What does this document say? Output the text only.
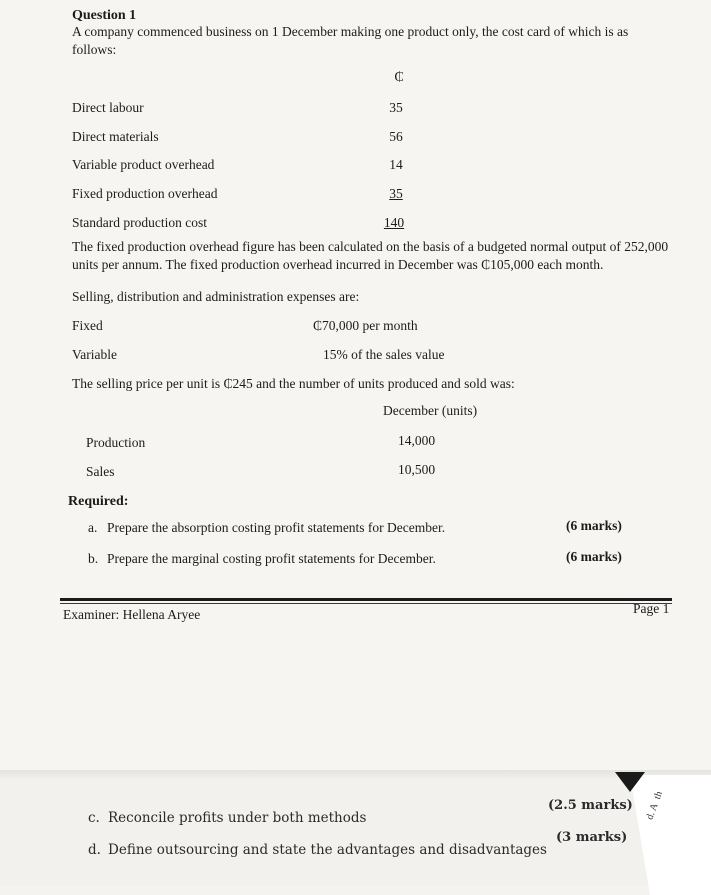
Question 1
A company commenced business on 1 December making one product only, the cost card of which is as follows:
₵
Direct labour	35
Direct materials	56
Variable product overhead	14
Fixed production overhead	35
Standard production cost	140
The fixed production overhead figure has been calculated on the basis of a budgeted normal output of 252,000 units per annum. The fixed production overhead incurred in December was ₵105,000 each month.
Selling, distribution and administration expenses are:
Fixed	₵70,000 per month
Variable	15% of the sales value
The selling price per unit is ₵245 and the number of units produced and sold was:
December (units)
Production	14,000
Sales	10,500
Required:
a. Prepare the absorption costing profit statements for December.	(6 marks)
b. Prepare the marginal costing profit statements for December.	(6 marks)
Examiner: Hellena Aryee	Page 1
c. Reconcile profits under both methods
(2.5 marks)
d. Define outsourcing and state the advantages and disadvantages
(3 marks)
d. A th
